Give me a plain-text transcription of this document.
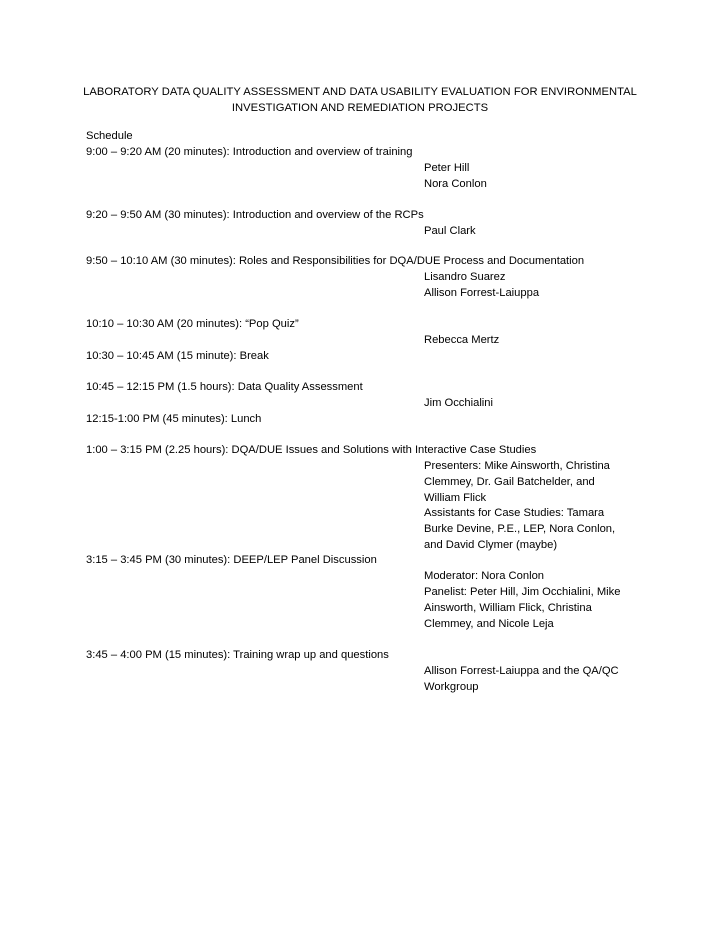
LABORATORY DATA QUALITY ASSESSMENT AND DATA USABILITY EVALUATION FOR ENVIRONMENTAL
INVESTIGATION AND REMEDIATION PROJECTS
Schedule
9:00 – 9:20 AM (20 minutes): Introduction and overview of training
Peter Hill
Nora Conlon
9:20 – 9:50 AM (30 minutes): Introduction and overview of the RCPs
Paul Clark
9:50 – 10:10 AM (30 minutes): Roles and Responsibilities for DQA/DUE Process and Documentation
Lisandro Suarez
Allison Forrest-Laiuppa
10:10 – 10:30 AM (20 minutes): “Pop Quiz”
Rebecca Mertz
10:30 – 10:45 AM (15 minute): Break
10:45 – 12:15 PM (1.5 hours): Data Quality Assessment
Jim Occhialini
12:15-1:00 PM (45 minutes): Lunch
1:00 – 3:15 PM (2.25 hours): DQA/DUE Issues and Solutions with Interactive Case Studies
Presenters: Mike Ainsworth, Christina
Clemmey, Dr. Gail Batchelder, and
William Flick
Assistants for Case Studies: Tamara
Burke Devine, P.E., LEP, Nora Conlon,
and David Clymer (maybe)
3:15 – 3:45 PM (30 minutes): DEEP/LEP Panel Discussion
Moderator: Nora Conlon
Panelist: Peter Hill, Jim Occhialini, Mike
Ainsworth, William Flick, Christina
Clemmey, and Nicole Leja
3:45 – 4:00 PM (15 minutes): Training wrap up and questions
Allison Forrest-Laiuppa and the QA/QC
Workgroup
